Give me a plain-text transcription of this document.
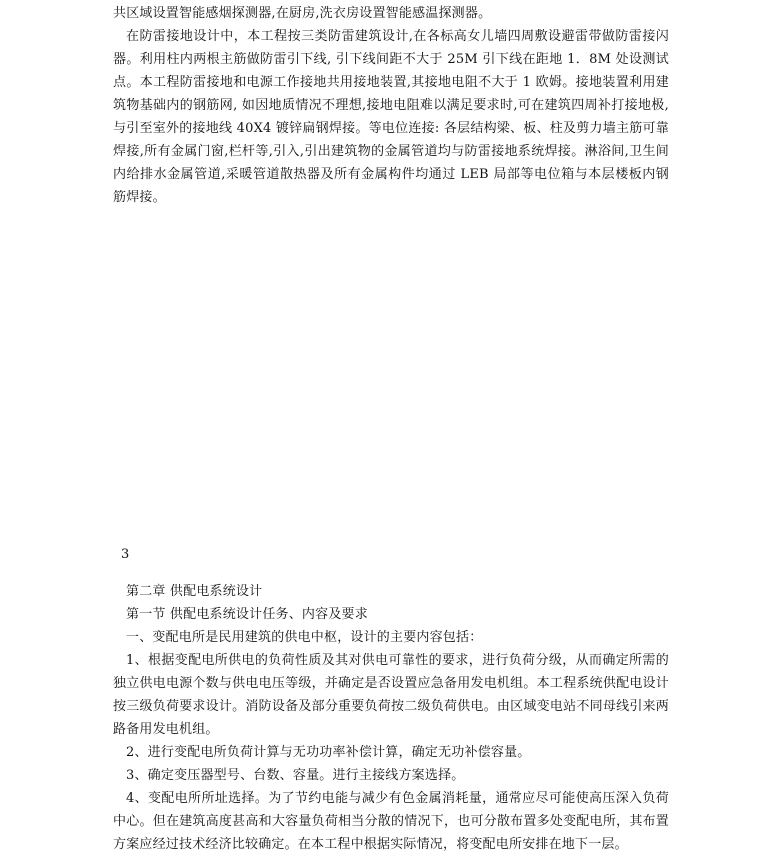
共区域设置智能感烟探测器,在厨房,洗衣房设置智能感温探测器。

在防雷接地设计中，本工程按三类防雷建筑设计,在各标高女儿墙四周敷设避雷带做防雷接闪器。利用柱内两根主筋做防雷引下线, 引下线间距不大于 25M 引下线在距地 1．8M 处设测试点。本工程防雷接地和电源工作接地共用接地装置,其接地电阻不大于 1 欧姆。接地装置利用建筑物基础内的钢筋网, 如因地质情况不理想,接地电阻难以满足要求时,可在建筑四周补打接地极,与引至室外的接地线 40X4 镀锌扁钢焊接。等电位连接: 各层结构梁、板、柱及剪力墙主筋可靠焊接,所有金属门窗,栏杆等,引入,引出建筑物的金属管道均与防雷接地系统焊接。淋浴间,卫生间内给排水金属管道,采暖管道散热器及所有金属构件均通过 LEB 局部等电位箱与本层楼板内钢筋焊接。

3

第二章 供配电系统设计

第一节 供配电系统设计任务、内容及要求

一、变配电所是民用建筑的供电中枢，设计的主要内容包括：

1、根据变配电所供电的负荷性质及其对供电可靠性的要求，进行负荷分级，从而确定所需的独立供电电源个数与供电电压等级，并确定是否设置应急备用发电机组。本工程系统供配电设计按三级负荷要求设计。消防设备及部分重要负荷按二级负荷供电。由区域变电站不同母线引来两路备用发电机组。

2、进行变配电所负荷计算与无功功率补偿计算，确定无功补偿容量。

3、确定变压器型号、台数、容量。进行主接线方案选择。

4、变配电所所址选择。为了节约电能与减少有色金属消耗量，通常应尽可能使高压深入负荷中心。但在建筑高度甚高和大容量负荷相当分散的情况下，也可分散布置多处变配电所，其布置方案应经过技术经济比较确定。在本工程中根据实际情况，将变配电所安排在地下一层。
